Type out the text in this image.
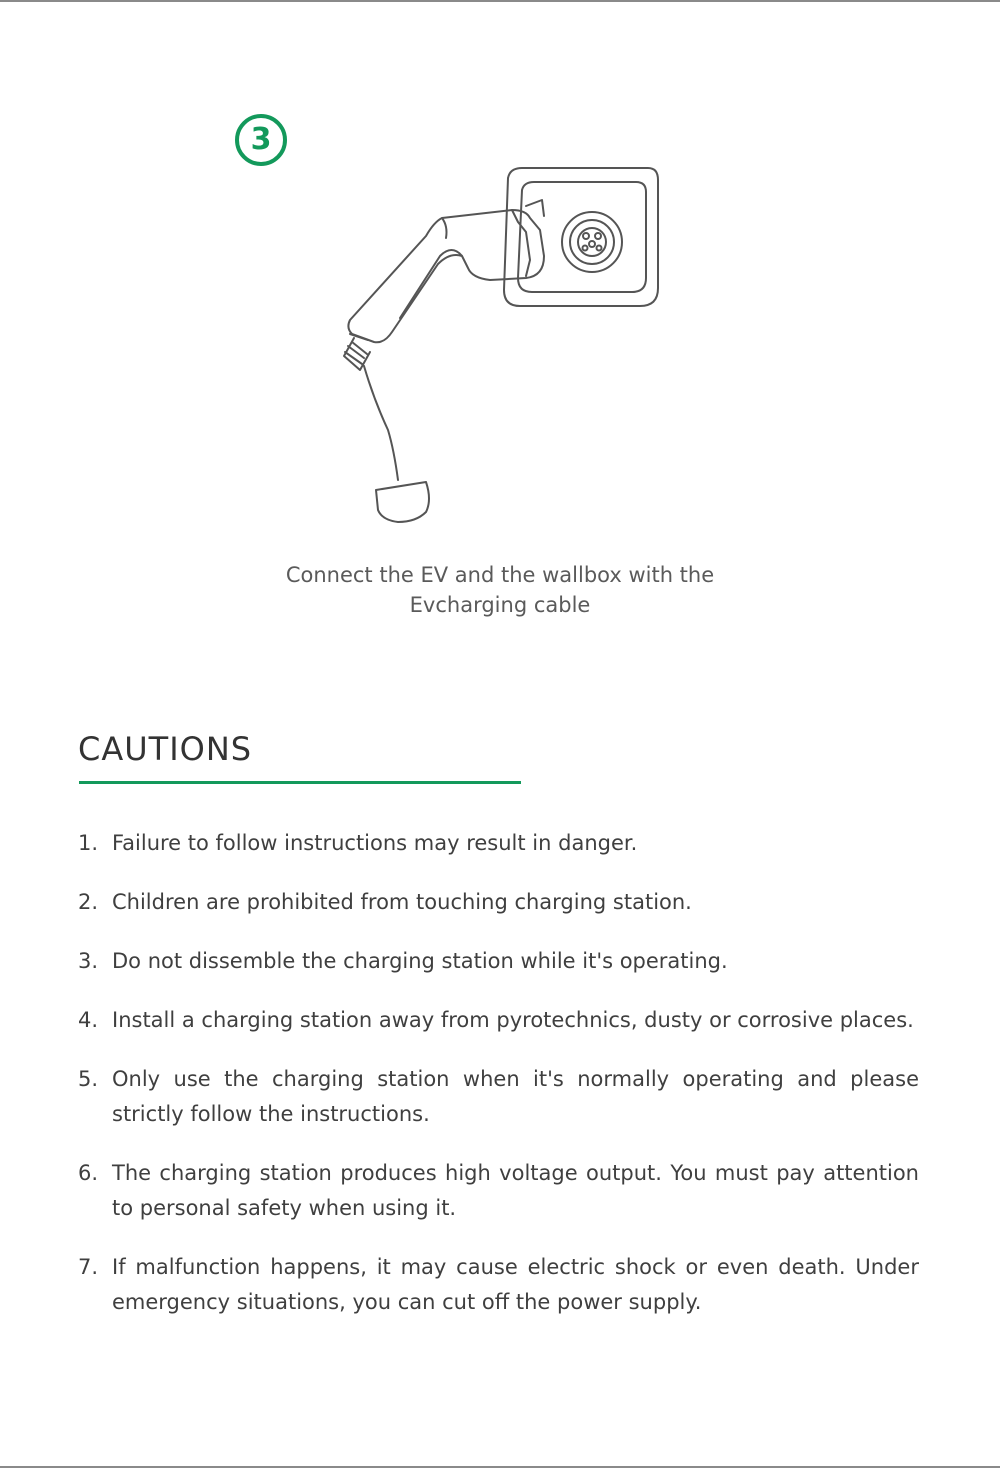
3
Connect the EV and the wallbox with the
Evcharging cable
CAUTIONS
1. Failure to follow instructions may result in danger.
2. Children are prohibited from touching charging station.
3. Do not dissemble the charging station while it's operating.
4. Install a charging station away from pyrotechnics, dusty or corrosive places.
5. Only use the charging station when it's normally operating and please strictly follow the instructions.
6. The charging station produces high voltage output. You must pay attention to personal safety when using it.
7. If malfunction happens, it may cause electric shock or even death. Under emergency situations, you can cut off the power supply.
